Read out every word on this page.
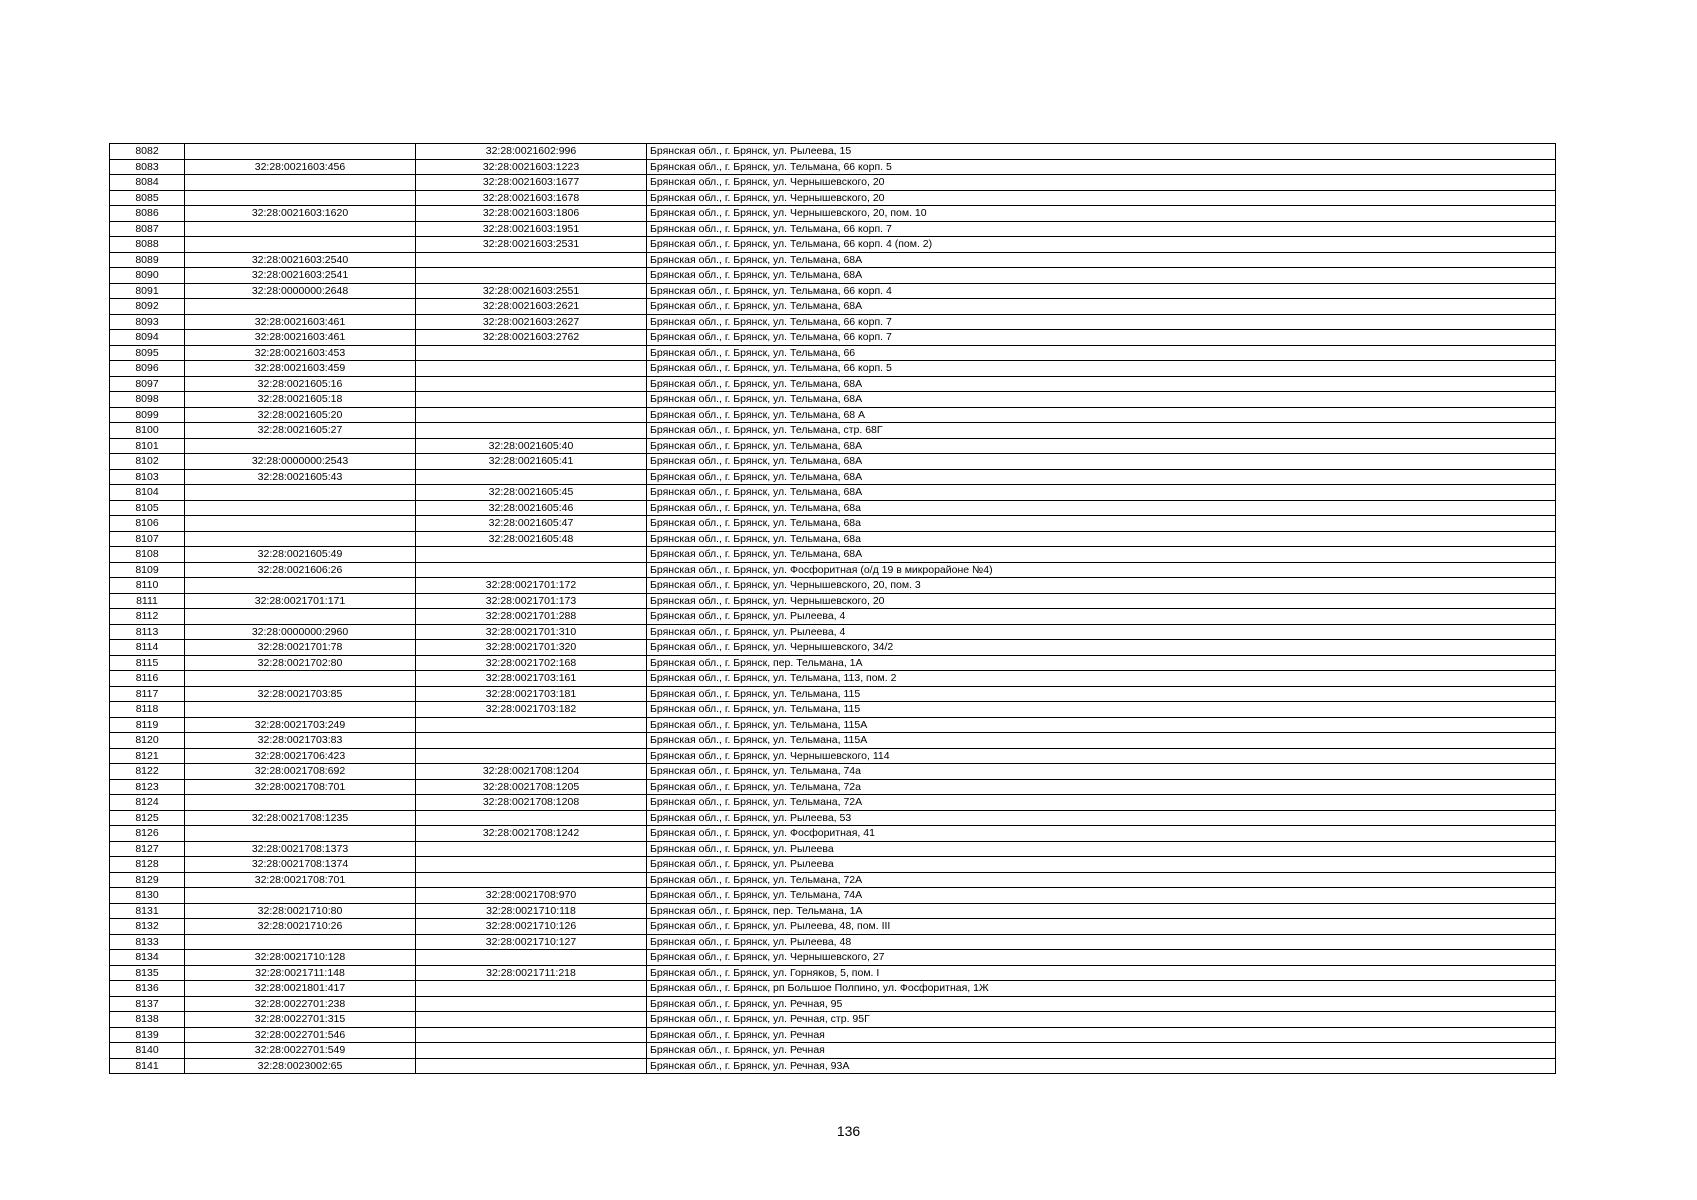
8082		32:28:0021602:996	Брянская обл., г. Брянск, ул. Рылеева, 15
8083	32:28:0021603:456	32:28:0021603:1223	Брянская обл., г. Брянск, ул. Тельмана, 66 корп. 5
8084		32:28:0021603:1677	Брянская обл., г. Брянск, ул. Чернышевского, 20
8085		32:28:0021603:1678	Брянская обл., г. Брянск, ул. Чернышевского, 20
8086	32:28:0021603:1620	32:28:0021603:1806	Брянская обл., г. Брянск, ул. Чернышевского, 20, пом. 10
8087		32:28:0021603:1951	Брянская обл., г. Брянск, ул. Тельмана, 66 корп. 7
8088		32:28:0021603:2531	Брянская обл., г. Брянск, ул. Тельмана, 66 корп. 4 (пом. 2)
8089	32:28:0021603:2540		Брянская обл., г. Брянск, ул. Тельмана, 68А
8090	32:28:0021603:2541		Брянская обл., г. Брянск, ул. Тельмана, 68А
8091	32:28:0000000:2648	32:28:0021603:2551	Брянская обл., г. Брянск, ул. Тельмана, 66 корп. 4
8092		32:28:0021603:2621	Брянская обл., г. Брянск, ул. Тельмана, 68А
8093	32:28:0021603:461	32:28:0021603:2627	Брянская обл., г. Брянск, ул. Тельмана, 66 корп. 7
8094	32:28:0021603:461	32:28:0021603:2762	Брянская обл., г. Брянск, ул. Тельмана, 66 корп. 7
8095	32:28:0021603:453		Брянская обл., г. Брянск, ул. Тельмана, 66
8096	32:28:0021603:459		Брянская обл., г. Брянск, ул. Тельмана, 66 корп. 5
8097	32:28:0021605:16		Брянская обл., г. Брянск, ул. Тельмана, 68А
8098	32:28:0021605:18		Брянская обл., г. Брянск, ул. Тельмана, 68А
8099	32:28:0021605:20		Брянская обл., г. Брянск, ул. Тельмана, 68 А
8100	32:28:0021605:27		Брянская обл., г. Брянск, ул. Тельмана, стр. 68Г
8101		32:28:0021605:40	Брянская обл., г. Брянск, ул. Тельмана, 68А
8102	32:28:0000000:2543	32:28:0021605:41	Брянская обл., г. Брянск, ул. Тельмана, 68А
8103	32:28:0021605:43		Брянская обл., г. Брянск, ул. Тельмана, 68А
8104		32:28:0021605:45	Брянская обл., г. Брянск, ул. Тельмана, 68А
8105		32:28:0021605:46	Брянская обл., г. Брянск, ул. Тельмана, 68а
8106		32:28:0021605:47	Брянская обл., г. Брянск, ул. Тельмана, 68а
8107		32:28:0021605:48	Брянская обл., г. Брянск, ул. Тельмана, 68а
8108	32:28:0021605:49		Брянская обл., г. Брянск, ул. Тельмана, 68А
8109	32:28:0021606:26		Брянская обл., г. Брянск, ул. Фосфоритная (о/д 19 в микрорайоне №4)
8110		32:28:0021701:172	Брянская обл., г. Брянск, ул. Чернышевского, 20, пом. 3
8111	32:28:0021701:171	32:28:0021701:173	Брянская обл., г. Брянск, ул. Чернышевского, 20
8112		32:28:0021701:288	Брянская обл., г. Брянск, ул. Рылеева, 4
8113	32:28:0000000:2960	32:28:0021701:310	Брянская обл., г. Брянск, ул. Рылеева, 4
8114	32:28:0021701:78	32:28:0021701:320	Брянская обл., г. Брянск, ул. Чернышевского, 34/2
8115	32:28:0021702:80	32:28:0021702:168	Брянская обл., г. Брянск, пер. Тельмана, 1А
8116		32:28:0021703:161	Брянская обл., г. Брянск, ул. Тельмана, 113, пом. 2
8117	32:28:0021703:85	32:28:0021703:181	Брянская обл., г. Брянск, ул. Тельмана, 115
8118		32:28:0021703:182	Брянская обл., г. Брянск, ул. Тельмана, 115
8119	32:28:0021703:249		Брянская обл., г. Брянск, ул. Тельмана, 115А
8120	32:28:0021703:83		Брянская обл., г. Брянск, ул. Тельмана, 115А
8121	32:28:0021706:423		Брянская обл., г. Брянск, ул. Чернышевского, 114
8122	32:28:0021708:692	32:28:0021708:1204	Брянская обл., г. Брянск, ул. Тельмана, 74а
8123	32:28:0021708:701	32:28:0021708:1205	Брянская обл., г. Брянск, ул. Тельмана, 72а
8124		32:28:0021708:1208	Брянская обл., г. Брянск, ул. Тельмана, 72А
8125	32:28:0021708:1235		Брянская обл., г. Брянск, ул. Рылеева, 53
8126		32:28:0021708:1242	Брянская обл., г. Брянск, ул. Фосфоритная, 41
8127	32:28:0021708:1373		Брянская обл., г. Брянск, ул. Рылеева
8128	32:28:0021708:1374		Брянская обл., г. Брянск, ул. Рылеева
8129	32:28:0021708:701		Брянская обл., г. Брянск, ул. Тельмана, 72А
8130		32:28:0021708:970	Брянская обл., г. Брянск, ул. Тельмана, 74А
8131	32:28:0021710:80	32:28:0021710:118	Брянская обл., г. Брянск, пер. Тельмана, 1А
8132	32:28:0021710:26	32:28:0021710:126	Брянская обл., г. Брянск, ул. Рылеева, 48, пом. III
8133		32:28:0021710:127	Брянская обл., г. Брянск, ул. Рылеева, 48
8134	32:28:0021710:128		Брянская обл., г. Брянск, ул. Чернышевского, 27
8135	32:28:0021711:148	32:28:0021711:218	Брянская обл., г. Брянск, ул. Горняков, 5, пом. I
8136	32:28:0021801:417		Брянская обл., г. Брянск, рп Большое Полпино, ул. Фосфоритная, 1Ж
8137	32:28:0022701:238		Брянская обл., г. Брянск, ул. Речная, 95
8138	32:28:0022701:315		Брянская обл., г. Брянск, ул. Речная, стр. 95Г
8139	32:28:0022701:546		Брянская обл., г. Брянск, ул. Речная
8140	32:28:0022701:549		Брянская обл., г. Брянск, ул. Речная
8141	32:28:0023002:65		Брянская обл., г. Брянск, ул. Речная, 93А
136
